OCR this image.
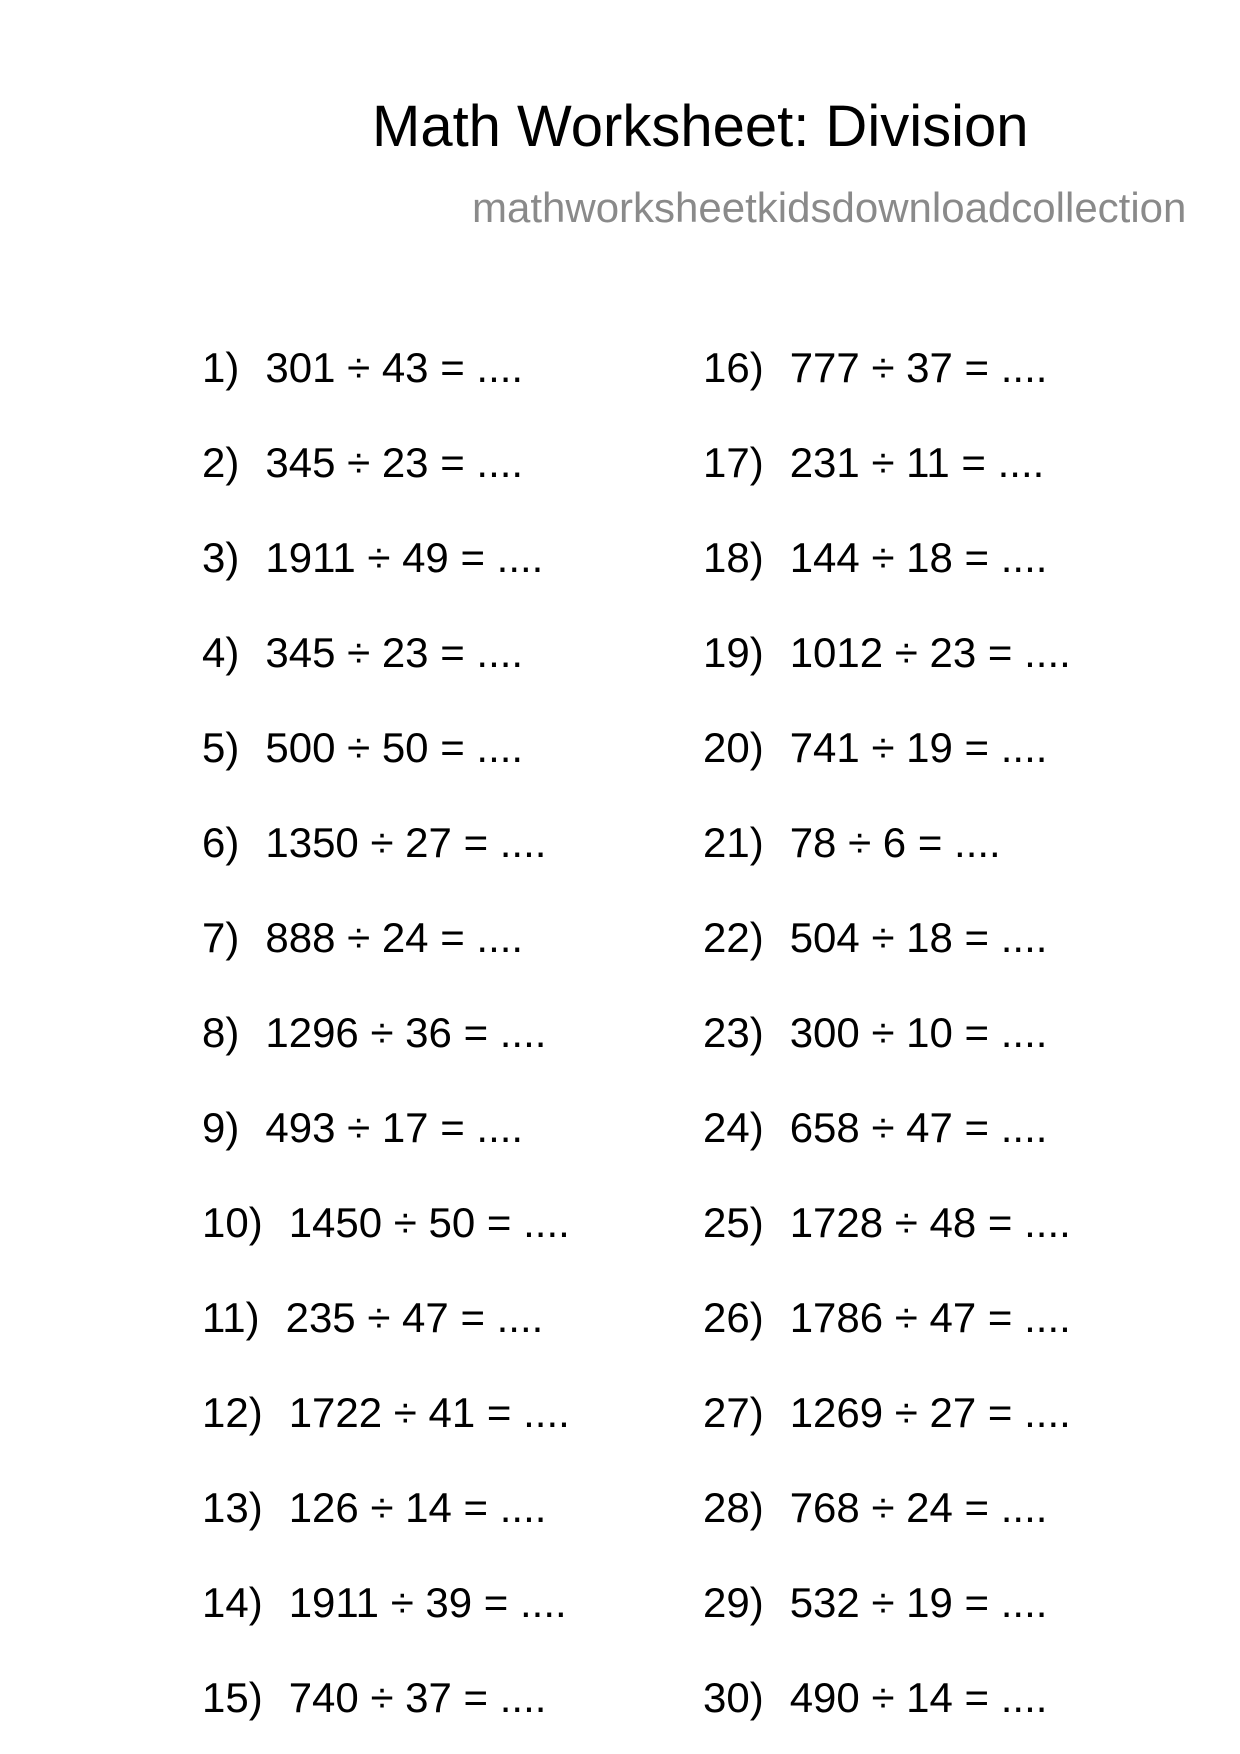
Math Worksheet: Division
mathworksheetkidsdownloadcollection
1) 301 ÷ 43 = ....
2) 345 ÷ 23 = ....
3) 1911 ÷ 49 = ....
4) 345 ÷ 23 = ....
5) 500 ÷ 50 = ....
6) 1350 ÷ 27 = ....
7) 888 ÷ 24 = ....
8) 1296 ÷ 36 = ....
9) 493 ÷ 17 = ....
10) 1450 ÷ 50 = ....
11) 235 ÷ 47 = ....
12) 1722 ÷ 41 = ....
13) 126 ÷ 14 = ....
14) 1911 ÷ 39 = ....
15) 740 ÷ 37 = ....
16) 777 ÷ 37 = ....
17) 231 ÷ 11 = ....
18) 144 ÷ 18 = ....
19) 1012 ÷ 23 = ....
20) 741 ÷ 19 = ....
21) 78 ÷ 6 = ....
22) 504 ÷ 18 = ....
23) 300 ÷ 10 = ....
24) 658 ÷ 47 = ....
25) 1728 ÷ 48 = ....
26) 1786 ÷ 47 = ....
27) 1269 ÷ 27 = ....
28) 768 ÷ 24 = ....
29) 532 ÷ 19 = ....
30) 490 ÷ 14 = ....
